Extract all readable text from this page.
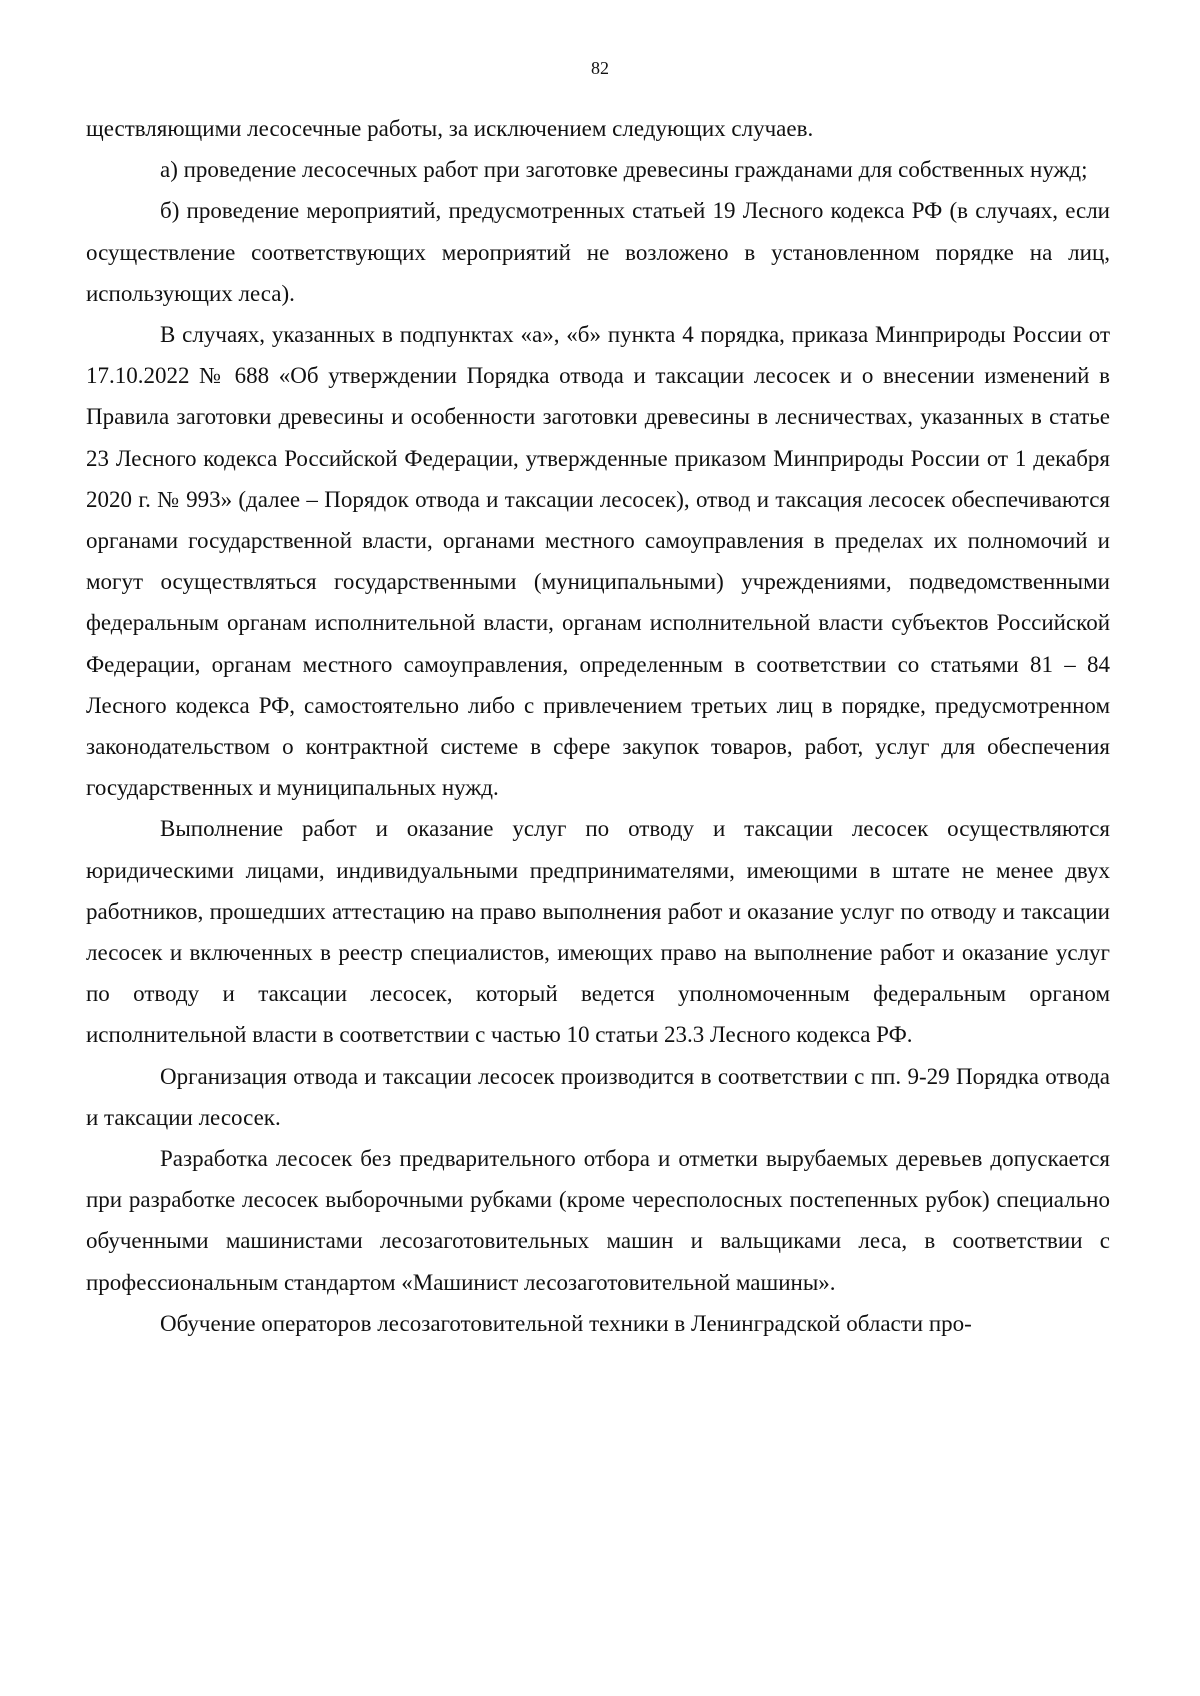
82

ществляющими лесосечные работы, за исключением следующих случаев.

а) проведение лесосечных работ при заготовке древесины гражданами для собственных нужд;

б) проведение мероприятий, предусмотренных статьей 19 Лесного кодекса РФ (в случаях, если осуществление соответствующих мероприятий не возложено в установленном порядке на лиц, использующих леса).

В случаях, указанных в подпунктах «а», «б» пункта 4 порядка, приказа Минприроды России от 17.10.2022 № 688 «Об утверждении Порядка отвода и таксации лесосек и о внесении изменений в Правила заготовки древесины и особенности заготовки древесины в лесничествах, указанных в статье 23 Лесного кодекса Российской Федерации, утвержденные приказом Минприроды России от 1 декабря 2020 г. № 993» (далее – Порядок отвода и таксации лесосек), отвод и таксация лесосек обеспечиваются органами государственной власти, органами местного самоуправления в пределах их полномочий и могут осуществляться государственными (муниципальными) учреждениями, подведомственными федеральным органам исполнительной власти, органам исполнительной власти субъектов Российской Федерации, органам местного самоуправления, определенным в соответствии со статьями 81 – 84 Лесного кодекса РФ, самостоятельно либо с привлечением третьих лиц в порядке, предусмотренном законодательством о контрактной системе в сфере закупок товаров, работ, услуг для обеспечения государственных и муниципальных нужд.

Выполнение работ и оказание услуг по отводу и таксации лесосек осуществляются юридическими лицами, индивидуальными предпринимателями, имеющими в штате не менее двух работников, прошедших аттестацию на право выполнения работ и оказание услуг по отводу и таксации лесосек и включенных в реестр специалистов, имеющих право на выполнение работ и оказание услуг по отводу и таксации лесосек, который ведется уполномоченным федеральным органом исполнительной власти в соответствии с частью 10 статьи 23.3 Лесного кодекса РФ.

Организация отвода и таксации лесосек производится в соответствии с пп. 9-29 Порядка отвода и таксации лесосек.

Разработка лесосек без предварительного отбора и отметки вырубаемых деревьев допускается при разработке лесосек выборочными рубками (кроме чересполосных постепенных рубок) специально обученными машинистами лесозаготовительных машин и вальщиками леса, в соответствии с профессиональным стандартом «Машинист лесозаготовительной машины».

Обучение операторов лесозаготовительной техники в Ленинградской области про-
